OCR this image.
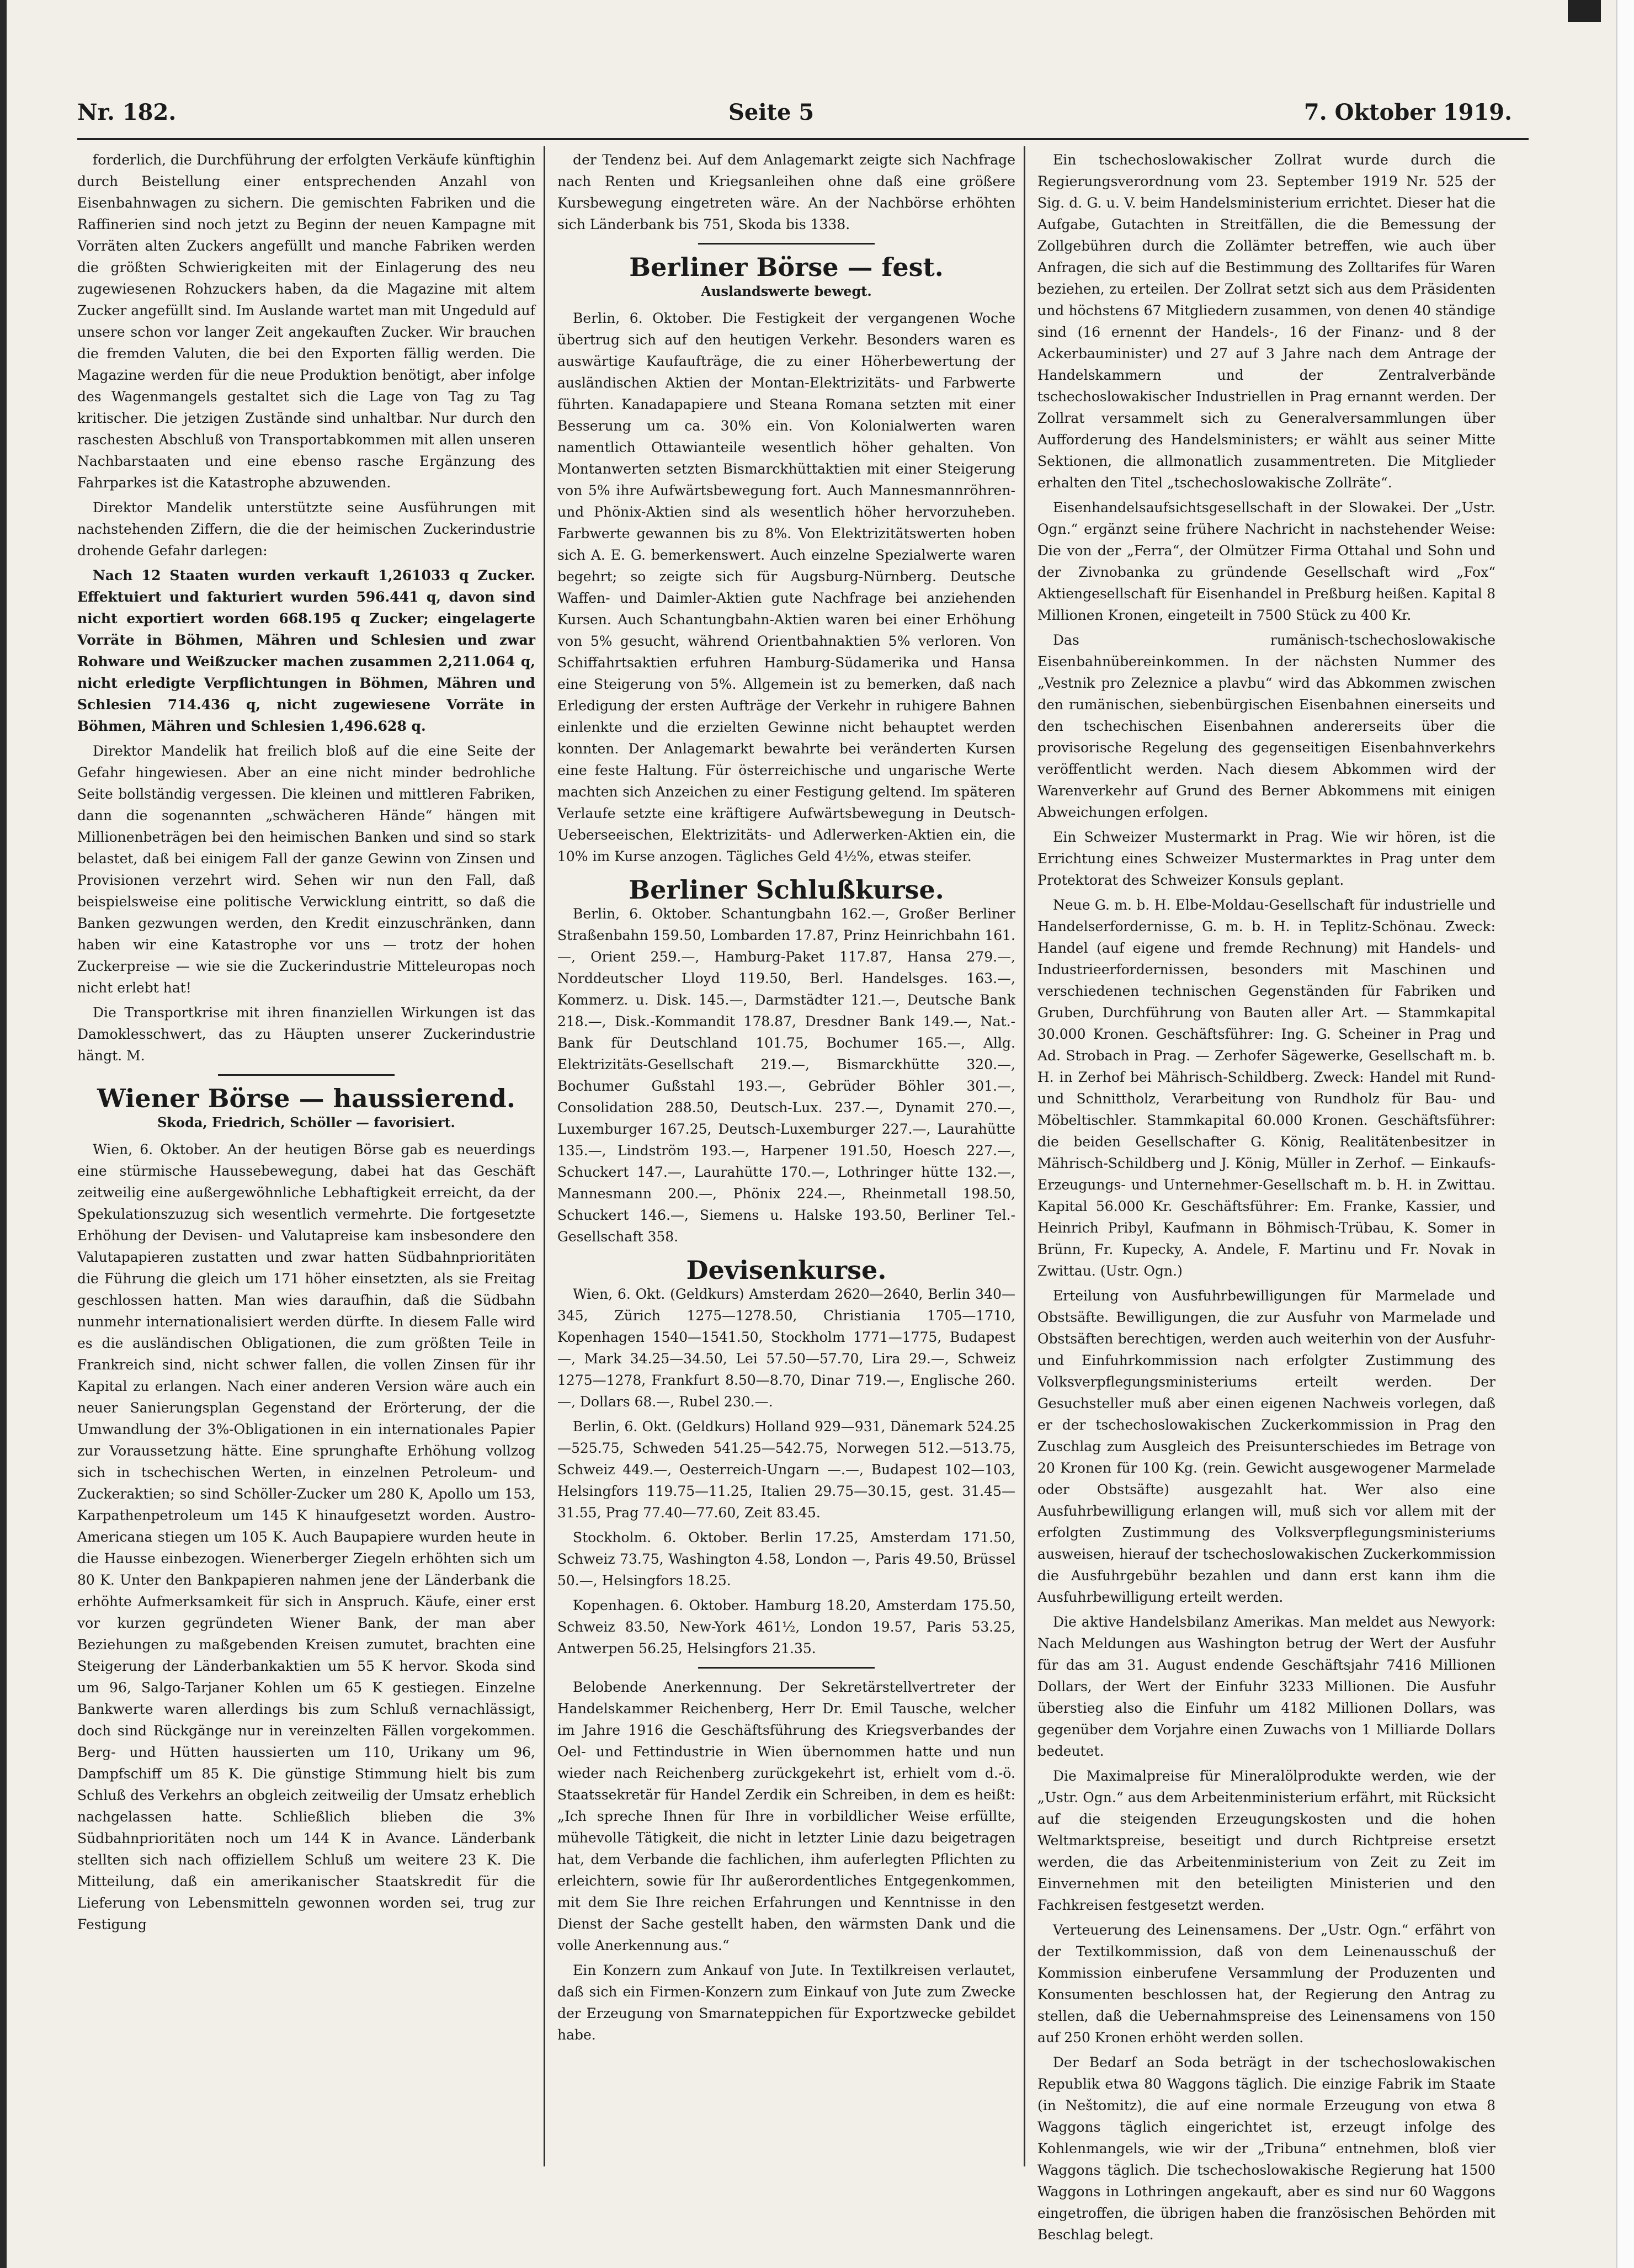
Nr. 182.	Seite 5	7. Oktober 1919.

forderlich, die Durchführung der erfolgten Verkäufe künftighin durch Beistellung einer entsprechenden Anzahl von Eisenbahnwagen zu sichern. Die gemischten Fabriken und die Raffinerien sind noch jetzt zu Beginn der neuen Kampagne mit Vorräten alten Zuckers angefüllt und manche Fabriken werden die größten Schwierigkeiten mit der Einlagerung des neu zugewiesenen Rohzuckers haben, da die Magazine mit altem Zucker angefüllt sind. Im Auslande wartet man mit Ungeduld auf unsere schon vor langer Zeit angekauften Zucker. Wir brauchen die fremden Valuten, die bei den Exporten fällig werden. Die Magazine werden für die neue Produktion benötigt, aber infolge des Wagenmangels gestaltet sich die Lage von Tag zu Tag kritischer. Die jetzigen Zustände sind unhaltbar. Nur durch den raschesten Abschluß von Transportabkommen mit allen unseren Nachbarstaaten und eine ebenso rasche Ergänzung des Fahrparkes ist die Katastrophe abzuwenden.

Direktor Mandelik unterstützte seine Ausführungen mit nachstehenden Ziffern, die die der heimischen Zuckerindustrie drohende Gefahr darlegen:

Nach 12 Staaten wurden verkauft 1,261033 q Zucker. Effektuiert und fakturiert wurden 596.441 q, davon sind nicht exportiert worden 668.195 q Zucker; eingelagerte Vorräte in Böhmen, Mähren und Schlesien und zwar Rohware und Weißzucker machen zusammen 2,211.064 q, nicht erledigte Verpflichtungen in Böhmen, Mähren und Schlesien 714.436 q, nicht zugewiesene Vorräte in Böhmen, Mähren und Schlesien 1,496.628 q.

Direktor Mandelik hat freilich bloß auf die eine Seite der Gefahr hingewiesen. Aber an eine nicht minder bedrohliche Seite bollständig vergessen. Die kleinen und mittleren Fabriken, dann die sogenannten „schwächeren Hände“ hängen mit Millionenbeträgen bei den heimischen Banken und sind so stark belastet, daß bei einigem Fall der ganze Gewinn von Zinsen und Provisionen verzehrt wird. Sehen wir nun den Fall, daß beispielsweise eine politische Verwicklung eintritt, so daß die Banken gezwungen werden, den Kredit einzuschränken, dann haben wir eine Katastrophe vor uns — trotz der hohen Zuckerpreise — wie sie die Zuckerindustrie Mitteleuropas noch nicht erlebt hat!

Die Transportkrise mit ihren finanziellen Wirkungen ist das Damoklesschwert, das zu Häupten unserer Zuckerindustrie hängt. M.

Wiener Börse — haussierend.
Skoda, Friedrich, Schöller — favorisiert.

Wien, 6. Oktober. An der heutigen Börse gab es neuerdings eine stürmische Haussebewegung, dabei hat das Geschäft zeitweilig eine außergewöhnliche Lebhaftigkeit erreicht, da der Spekulationszuzug sich wesentlich vermehrte. Die fortgesetzte Erhöhung der Devisen- und Valutapreise kam insbesondere den Valutapapieren zustatten und zwar hatten Südbahnprioritäten die Führung die gleich um 171 höher einsetzten, als sie Freitag geschlossen hatten. Man wies daraufhin, daß die Südbahn nunmehr internationalisiert werden dürfte. In diesem Falle wird es die ausländischen Obligationen, die zum größten Teile in Frankreich sind, nicht schwer fallen, die vollen Zinsen für ihr Kapital zu erlangen. Nach einer anderen Version wäre auch ein neuer Sanierungsplan Gegenstand der Erörterung, der die Umwandlung der 3%-Obligationen in ein internationales Papier zur Voraussetzung hätte. Eine sprunghafte Erhöhung vollzog sich in tschechischen Werten, in einzelnen Petroleum- und Zuckeraktien; so sind Schöller-Zucker um 280 K, Apollo um 153, Karpathenpetroleum um 145 K hinaufgesetzt worden. Austro-Americana stiegen um 105 K. Auch Baupapiere wurden heute in die Hausse einbezogen. Wienerberger Ziegeln erhöhten sich um 80 K. Unter den Bankpapieren nahmen jene der Länderbank die erhöhte Aufmerksamkeit für sich in Anspruch. Käufe, einer erst vor kurzen gegründeten Wiener Bank, der man aber Beziehungen zu maßgebenden Kreisen zumutet, brachten eine Steigerung der Länderbankaktien um 55 K hervor. Skoda sind um 96, Salgo-Tarjaner Kohlen um 65 K gestiegen. Einzelne Bankwerte waren allerdings bis zum Schluß vernachlässigt, doch sind Rückgänge nur in vereinzelten Fällen vorgekommen. Berg- und Hütten haussierten um 110, Urikany um 96, Dampfschiff um 85 K. Die günstige Stimmung hielt bis zum Schluß des Verkehrs an obgleich zeitweilig der Umsatz erheblich nachgelassen hatte. Schließlich blieben die 3% Südbahnprioritäten noch um 144 K in Avance. Länderbank stellten sich nach offiziellem Schluß um weitere 23 K. Die Mitteilung, daß ein amerikanischer Staatskredit für die Lieferung von Lebensmitteln gewonnen worden sei, trug zur Festigung

der Tendenz bei. Auf dem Anlagemarkt zeigte sich Nachfrage nach Renten und Kriegsanleihen ohne daß eine größere Kursbewegung eingetreten wäre. An der Nachbörse erhöhten sich Länderbank bis 751, Skoda bis 1338.

Berliner Börse — fest.
Auslandswerte bewegt.

Berlin, 6. Oktober. Die Festigkeit der vergangenen Woche übertrug sich auf den heutigen Verkehr. Besonders waren es auswärtige Kaufaufträge, die zu einer Höherbewertung der ausländischen Aktien der Montan-Elektrizitäts- und Farbwerte führten. Kanadapapiere und Steana Romana setzten mit einer Besserung um ca. 30% ein. Von Kolonialwerten waren namentlich Ottawianteile wesentlich höher gehalten. Von Montanwerten setzten Bismarckhüttaktien mit einer Steigerung von 5% ihre Aufwärtsbewegung fort. Auch Mannesmannröhren- und Phönix-Aktien sind als wesentlich höher hervorzuheben. Farbwerte gewannen bis zu 8%. Von Elektrizitätswerten hoben sich A. E. G. bemerkenswert. Auch einzelne Spezialwerte waren begehrt; so zeigte sich für Augsburg-Nürnberg. Deutsche Waffen- und Daimler-Aktien gute Nachfrage bei anziehenden Kursen. Auch Schantungbahn-Aktien waren bei einer Erhöhung von 5% gesucht, während Orientbahnaktien 5% verloren. Von Schiffahrtsaktien erfuhren Hamburg-Südamerika und Hansa eine Steigerung von 5%. Allgemein ist zu bemerken, daß nach Erledigung der ersten Aufträge der Verkehr in ruhigere Bahnen einlenkte und die erzielten Gewinne nicht behauptet werden konnten. Der Anlagemarkt bewahrte bei veränderten Kursen eine feste Haltung. Für österreichische und ungarische Werte machten sich Anzeichen zu einer Festigung geltend. Im späteren Verlaufe setzte eine kräftigere Aufwärtsbewegung in Deutsch-Ueberseeischen, Elektrizitäts- und Adlerwerken-Aktien ein, die 10% im Kurse anzogen. Tägliches Geld 4½%, etwas steifer.

Berliner Schlußkurse.

Berlin, 6. Oktober. Schantungbahn 162.—, Großer Berliner Straßenbahn 159.50, Lombarden 17.87, Prinz Heinrichbahn 161.—, Orient 259.—, Hamburg-Paket 117.87, Hansa 279.—, Norddeutscher Lloyd 119.50, Berl. Handelsges. 163.—, Kommerz. u. Disk. 145.—, Darmstädter 121.—, Deutsche Bank 218.—, Disk.-Kommandit 178.87, Dresdner Bank 149.—, Nat.-Bank für Deutschland 101.75, Bochumer 165.—, Allg. Elektrizitäts-Gesellschaft 219.—, Bismarckhütte 320.—, Bochumer Gußstahl 193.—, Gebrüder Böhler 301.—, Consolidation 288.50, Deutsch-Lux. 237.—, Dynamit 270.—, Luxemburger 167.25, Deutsch-Luxemburger 227.—, Laurahütte 135.—, Lindström 193.—, Harpener 191.50, Hoesch 227.—, Schuckert 147.—, Laurahütte 170.—, Lothringer hütte 132.—, Mannesmann 200.—, Phönix 224.—, Rheinmetall 198.50, Schuckert 146.—, Siemens u. Halske 193.50, Berliner Tel.-Gesellschaft 358.

Devisenkurse.

Wien, 6. Okt. (Geldkurs) Amsterdam 2620—2640, Berlin 340—345, Zürich 1275—1278.50, Christiania 1705—1710, Kopenhagen 1540—1541.50, Stockholm 1771—1775, Budapest —, Mark 34.25—34.50, Lei 57.50—57.70, Lira 29.—, Schweiz 1275—1278, Frankfurt 8.50—8.70, Dinar 719.—, Englische 260.—, Dollars 68.—, Rubel 230.—.

Berlin, 6. Okt. (Geldkurs) Holland 929—931, Dänemark 524.25—525.75, Schweden 541.25—542.75, Norwegen 512.—513.75, Schweiz 449.—, Oesterreich-Ungarn —.—, Budapest 102—103, Helsingfors 119.75—11.25, Italien 29.75—30.15, gest. 31.45—31.55, Prag 77.40—77.60, Zeit 83.45.

Stockholm. 6. Oktober. Berlin 17.25, Amsterdam 171.50, Schweiz 73.75, Washington 4.58, London —, Paris 49.50, Brüssel 50.—, Helsingfors 18.25.

Kopenhagen. 6. Oktober. Hamburg 18.20, Amsterdam 175.50, Schweiz 83.50, New-York 461½, London 19.57, Paris 53.25, Antwerpen 56.25, Helsingfors 21.35.

Belobende Anerkennung. Der Sekretärstellvertreter der Handelskammer Reichenberg, Herr Dr. Emil Tausche, welcher im Jahre 1916 die Geschäftsführung des Kriegsverbandes der Oel- und Fettindustrie in Wien übernommen hatte und nun wieder nach Reichenberg zurückgekehrt ist, erhielt vom d.-ö. Staatssekretär für Handel Zerdik ein Schreiben, in dem es heißt: „Ich spreche Ihnen für Ihre in vorbildlicher Weise erfüllte, mühevolle Tätigkeit, die nicht in letzter Linie dazu beigetragen hat, dem Verbande die fachlichen, ihm auferlegten Pflichten zu erleichtern, sowie für Ihr außerordentliches Entgegenkommen, mit dem Sie Ihre reichen Erfahrungen und Kenntnisse in den Dienst der Sache gestellt haben, den wärmsten Dank und die volle Anerkennung aus.“

Ein Konzern zum Ankauf von Jute. In Textilkreisen verlautet, daß sich ein Firmen-Konzern zum Einkauf von Jute zum Zwecke der Erzeugung von Smarnateppichen für Exportzwecke gebildet habe.

Ein tschechoslowakischer Zollrat wurde durch die Regierungsverordnung vom 23. September 1919 Nr. 525 der Sig. d. G. u. V. beim Handelsministerium errichtet. Dieser hat die Aufgabe, Gutachten in Streitfällen, die die Bemessung der Zollgebühren durch die Zollämter betreffen, wie auch über Anfragen, die sich auf die Bestimmung des Zolltarifes für Waren beziehen, zu erteilen. Der Zollrat setzt sich aus dem Präsidenten und höchstens 67 Mitgliedern zusammen, von denen 40 ständige sind (16 ernennt der Handels-, 16 der Finanz- und 8 der Ackerbauminister) und 27 auf 3 Jahre nach dem Antrage der Handelskammern und der Zentralverbände tschechoslowakischer Industriellen in Prag ernannt werden. Der Zollrat versammelt sich zu Generalversammlungen über Aufforderung des Handelsministers; er wählt aus seiner Mitte Sektionen, die allmonatlich zusammentreten. Die Mitglieder erhalten den Titel „tschechoslowakische Zollräte“.

Eisenhandelsaufsichtsgesellschaft in der Slowakei. Der „Ustr. Ogn.“ ergänzt seine frühere Nachricht in nachstehender Weise: Die von der „Ferra“, der Olmützer Firma Ottahal und Sohn und der Zivnobanka zu gründende Gesellschaft wird „Fox“ Aktiengesellschaft für Eisenhandel in Preßburg heißen. Kapital 8 Millionen Kronen, eingeteilt in 7500 Stück zu 400 Kr.

Das rumänisch-tschechoslowakische Eisenbahnübereinkommen. In der nächsten Nummer des „Vestnik pro Zeleznice a plavbu“ wird das Abkommen zwischen den rumänischen, siebenbürgischen Eisenbahnen einerseits und den tschechischen Eisenbahnen andererseits über die provisorische Regelung des gegenseitigen Eisenbahnverkehrs veröffentlicht werden. Nach diesem Abkommen wird der Warenverkehr auf Grund des Berner Abkommens mit einigen Abweichungen erfolgen.

Ein Schweizer Mustermarkt in Prag. Wie wir hören, ist die Errichtung eines Schweizer Mustermarktes in Prag unter dem Protektorat des Schweizer Konsuls geplant.

Neue G. m. b. H. Elbe-Moldau-Gesellschaft für industrielle und Handelserfordernisse, G. m. b. H. in Teplitz-Schönau. Zweck: Handel (auf eigene und fremde Rechnung) mit Handels- und Industrieerfordernissen, besonders mit Maschinen und verschiedenen technischen Gegenständen für Fabriken und Gruben, Durchführung von Bauten aller Art. — Stammkapital 30.000 Kronen. Geschäftsführer: Ing. G. Scheiner in Prag und Ad. Strobach in Prag. — Zerhofer Sägewerke, Gesellschaft m. b. H. in Zerhof bei Mährisch-Schildberg. Zweck: Handel mit Rund- und Schnittholz, Verarbeitung von Rundholz für Bau- und Möbeltischler. Stammkapital 60.000 Kronen. Geschäftsführer: die beiden Gesellschafter G. König, Realitätenbesitzer in Mährisch-Schildberg und J. König, Müller in Zerhof. — Einkaufs-Erzeugungs- und Unternehmer-Gesellschaft m. b. H. in Zwittau. Kapital 56.000 Kr. Geschäftsführer: Em. Franke, Kassier, und Heinrich Pribyl, Kaufmann in Böhmisch-Trübau, K. Somer in Brünn, Fr. Kupecky, A. Andele, F. Martinu und Fr. Novak in Zwittau. (Ustr. Ogn.)

Erteilung von Ausfuhrbewilligungen für Marmelade und Obstsäfte. Bewilligungen, die zur Ausfuhr von Marmelade und Obstsäften berechtigen, werden auch weiterhin von der Ausfuhr- und Einfuhrkommission nach erfolgter Zustimmung des Volksverpflegungsministeriums erteilt werden. Der Gesuchsteller muß aber einen eigenen Nachweis vorlegen, daß er der tschechoslowakischen Zuckerkommission in Prag den Zuschlag zum Ausgleich des Preisunterschiedes im Betrage von 20 Kronen für 100 Kg. (rein. Gewicht ausgewogener Marmelade oder Obstsäfte) ausgezahlt hat. Wer also eine Ausfuhrbewilligung erlangen will, muß sich vor allem mit der erfolgten Zustimmung des Volksverpflegungsministeriums ausweisen, hierauf der tschechoslowakischen Zuckerkommission die Ausfuhrgebühr bezahlen und dann erst kann ihm die Ausfuhrbewilligung erteilt werden.

Die aktive Handelsbilanz Amerikas. Man meldet aus Newyork: Nach Meldungen aus Washington betrug der Wert der Ausfuhr für das am 31. August endende Geschäftsjahr 7416 Millionen Dollars, der Wert der Einfuhr 3233 Millionen. Die Ausfuhr überstieg also die Einfuhr um 4182 Millionen Dollars, was gegenüber dem Vorjahre einen Zuwachs von 1 Milliarde Dollars bedeutet.

Die Maximalpreise für Mineralölprodukte werden, wie der „Ustr. Ogn.“ aus dem Arbeitenministerium erfährt, mit Rücksicht auf die steigenden Erzeugungskosten und die hohen Weltmarktspreise, beseitigt und durch Richtpreise ersetzt werden, die das Arbeitenministerium von Zeit zu Zeit im Einvernehmen mit den beteiligten Ministerien und den Fachkreisen festgesetzt werden.

Verteuerung des Leinensamens. Der „Ustr. Ogn.“ erfährt von der Textilkommission, daß von dem Leinenausschuß der Kommission einberufene Versammlung der Produzenten und Konsumenten beschlossen hat, der Regierung den Antrag zu stellen, daß die Uebernahmspreise des Leinensamens von 150 auf 250 Kronen erhöht werden sollen.

Der Bedarf an Soda beträgt in der tschechoslowakischen Republik etwa 80 Waggons täglich. Die einzige Fabrik im Staate (in Neštomitz), die auf eine normale Erzeugung von etwa 8 Waggons täglich eingerichtet ist, erzeugt infolge des Kohlenmangels, wie wir der „Tribuna“ entnehmen, bloß vier Waggons täglich. Die tschechoslowakische Regierung hat 1500 Waggons in Lothringen angekauft, aber es sind nur 60 Waggons eingetroffen, die übrigen haben die französischen Behörden mit Beschlag belegt.
